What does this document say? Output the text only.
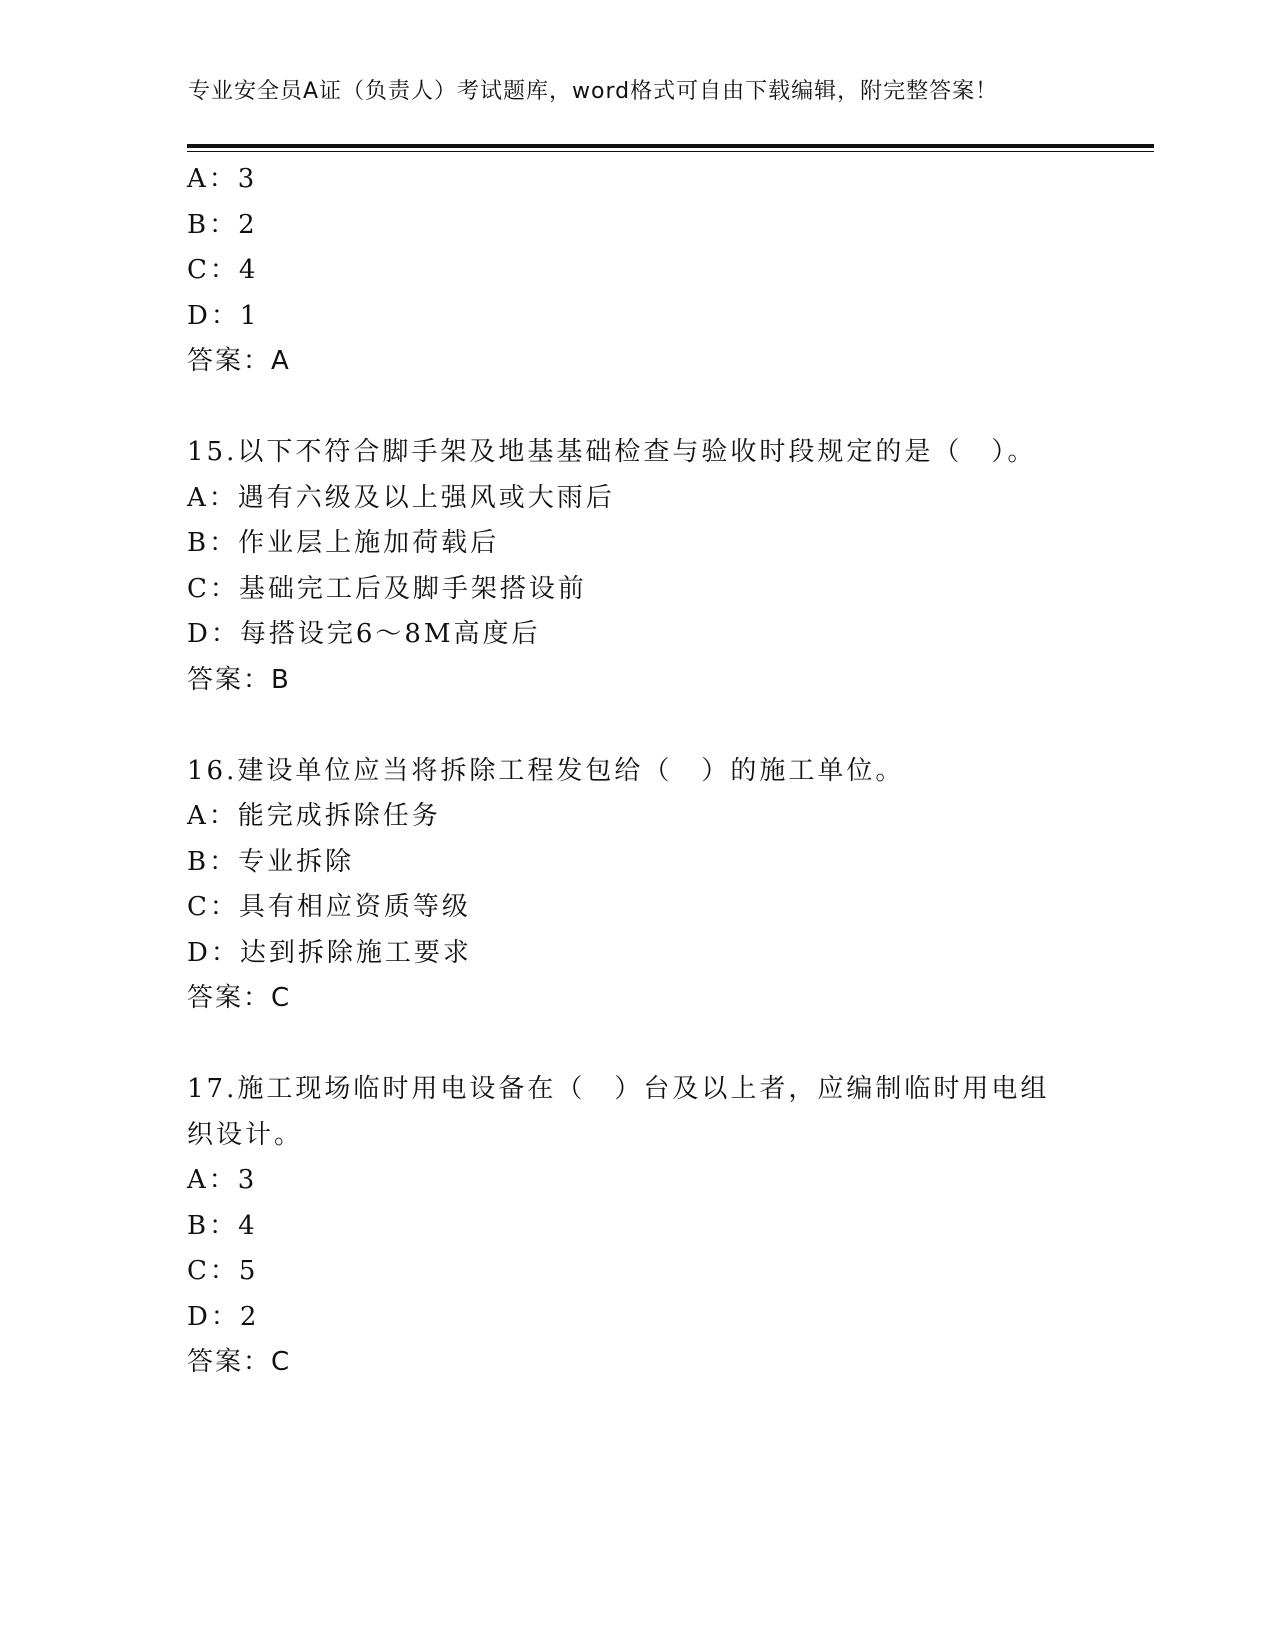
专业安全员A证（负责人）考试题库，word格式可自由下载编辑，附完整答案！
A：3
B：2
C：4
D：1
答案：A
15.以下不符合脚手架及地基基础检查与验收时段规定的是（　）。
A：遇有六级及以上强风或大雨后
B：作业层上施加荷载后
C：基础完工后及脚手架搭设前
D：每搭设完6～8M高度后
答案：B
16.建设单位应当将拆除工程发包给（　）的施工单位。
A：能完成拆除任务
B：专业拆除
C：具有相应资质等级
D：达到拆除施工要求
答案：C
17.施工现场临时用电设备在（　）台及以上者，应编制临时用电组织设计。
A：3
B：4
C：5
D：2
答案：C
